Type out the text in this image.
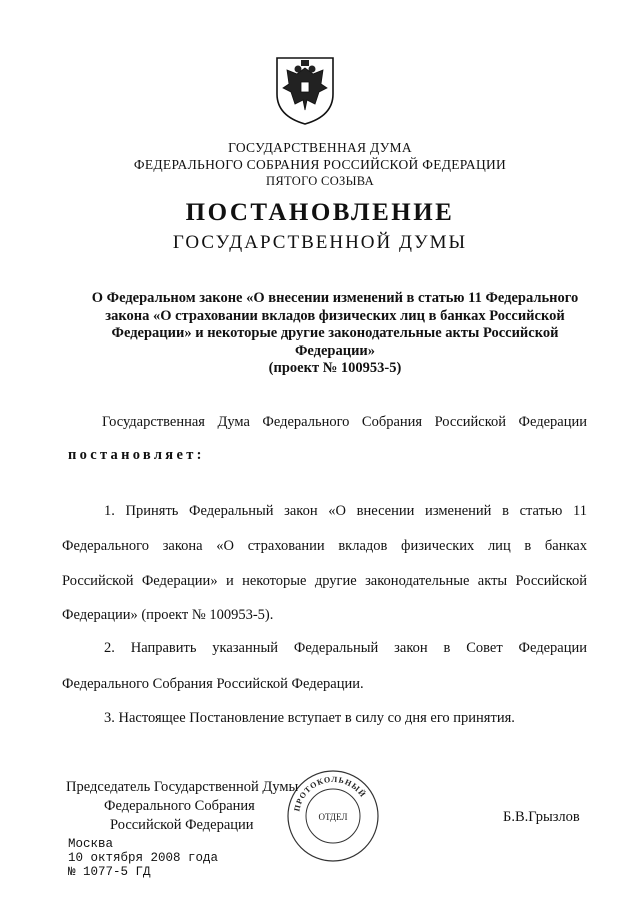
ГОСУДАРСТВЕННАЯ ДУМА
ФЕДЕРАЛЬНОГО СОБРАНИЯ РОССИЙСКОЙ ФЕДЕРАЦИИ
ПЯТОГО СОЗЫВА
ПОСТАНОВЛЕНИЕ
ГОСУДАРСТВЕННОЙ ДУМЫ
О Федеральном законе «О внесении изменений в статью 11 Федерального
закона «О страховании вкладов физических лиц в банках Российской
Федерации» и некоторые другие законодательные акты Российской
Федерации»
(проект № 100953-5)
Государственная Дума Федерального Собрания Российской Федерации
постановляет:
1. Принять Федеральный закон «О внесении изменений в статью 11
Федерального закона «О страховании вкладов физических лиц в банках
Российской Федерации» и некоторые другие законодательные акты Российской
Федерации» (проект № 100953-5).
2. Направить указанный Федеральный закон в Совет Федерации
Федерального Собрания Российской Федерации.
3. Настоящее Постановление вступает в силу со дня его принятия.
ПРОТОКОЛЬНЫЙ
ОТДЕЛ
Председатель Государственной Думы
Федерального Собрания
Российской Федерации	Б.В.Грызлов
Москва
10 октября 2008 года
№ 1077-5 ГД
